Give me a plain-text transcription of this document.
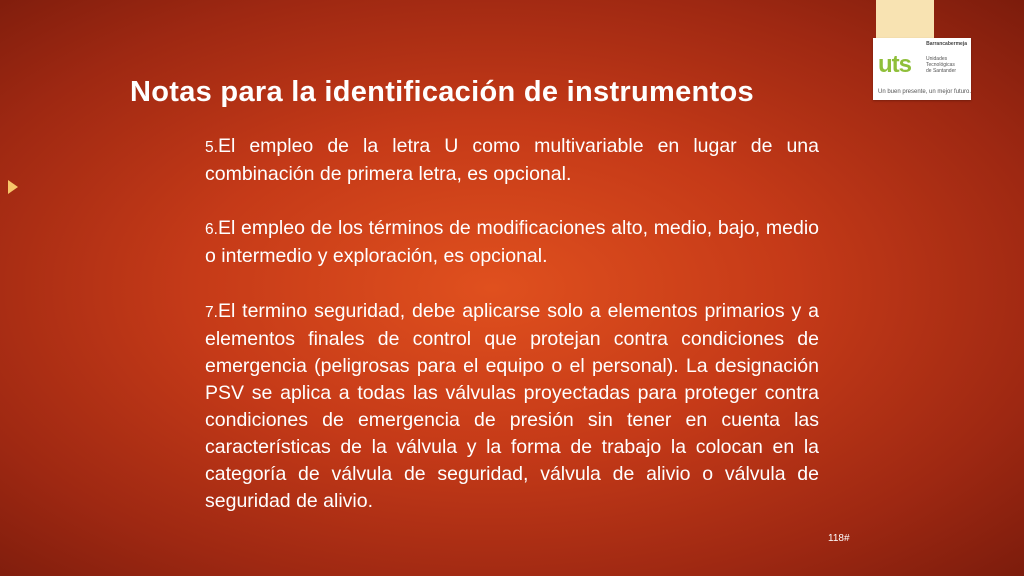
Barrancabermeja
uts	Unidades
Tecnológicas
de Santander
Un buen presente, un mejor futuro.
Notas para la identificación de instrumentos

5.El empleo de la letra U como multivariable en lugar de una combinación de primera letra, es opcional.

6.El empleo de los términos de modificaciones alto, medio, bajo, medio o intermedio y exploración, es opcional.

7.El termino seguridad, debe aplicarse solo a elementos primarios y a elementos finales de control que protejan contra condiciones de emergencia (peligrosas para el equipo o el personal). La designación PSV se aplica a todas las válvulas proyectadas para proteger contra condiciones de emergencia de presión sin tener en cuenta las características de la válvula y la forma de trabajo la colocan en la categoría de válvula de seguridad, válvula de alivio o válvula de seguridad de alivio.

118#
